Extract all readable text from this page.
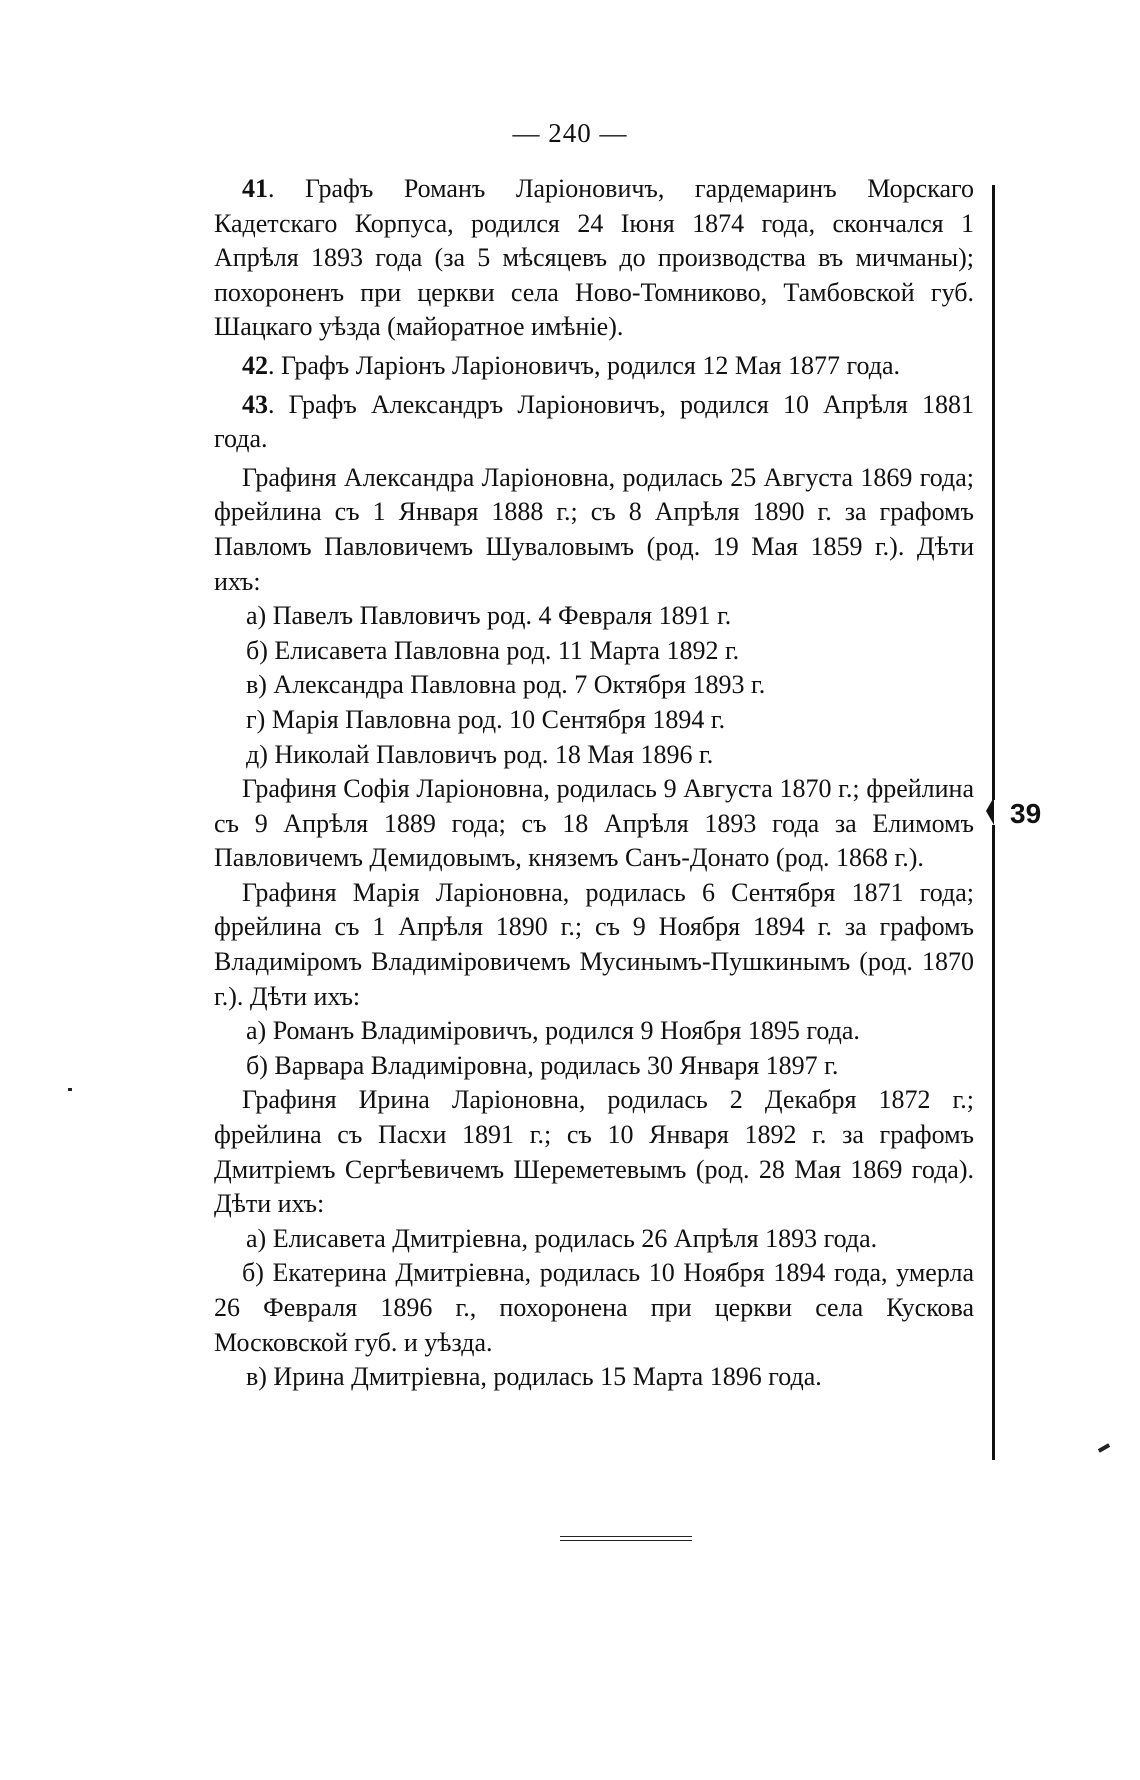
— 240 —

41. Графъ Романъ Ларіоновичъ, гардемаринъ Морскаго Кадетскаго Корпуса, родился 24 Іюня 1874 года, скончался 1 Апрѣля 1893 года (за 5 мѣсяцевъ до производства въ мичманы); похороненъ при церкви села Ново-Томниково, Тамбовской губ. Шацкаго уѣзда (майоратное имѣніе).

42. Графъ Ларіонъ Ларіоновичъ, родился 12 Мая 1877 года.

43. Графъ Александръ Ларіоновичъ, родился 10 Апрѣля 1881 года.

Графиня Александра Ларіоновна, родилась 25 Августа 1869 года; фрейлина съ 1 Января 1888 г.; съ 8 Апрѣля 1890 г. за графомъ Павломъ Павловичемъ Шуваловымъ (род. 19 Мая 1859 г.). Дѣти ихъ:

а) Павелъ Павловичъ род. 4 Февраля 1891 г.

б) Елисавета Павловна род. 11 Марта 1892 г.

в) Александра Павловна род. 7 Октября 1893 г.

г) Марія Павловна род. 10 Сентября 1894 г.

д) Николай Павловичъ род. 18 Мая 1896 г.

Графиня Софія Ларіоновна, родилась 9 Августа 1870 г.; фрейлина съ 9 Апрѣля 1889 года; съ 18 Апрѣля 1893 года за Елимомъ Павловичемъ Демидовымъ, княземъ Санъ-Донато (род. 1868 г.).

Графиня Марія Ларіоновна, родилась 6 Сентября 1871 года; фрейлина съ 1 Апрѣля 1890 г.; съ 9 Ноября 1894 г. за графомъ Владиміромъ Владиміровичемъ Мусинымъ-Пушкинымъ (род. 1870 г.). Дѣти ихъ:

а) Романъ Владиміровичъ, родился 9 Ноября 1895 года.

б) Варвара Владиміровна, родилась 30 Января 1897 г.

Графиня Ирина Ларіоновна, родилась 2 Декабря 1872 г.; фрейлина съ Пасхи 1891 г.; съ 10 Января 1892 г. за графомъ Дмитріемъ Сергѣевичемъ Шереметевымъ (род. 28 Мая 1869 года). Дѣти ихъ:

а) Елисавета Дмитріевна, родилась 26 Апрѣля 1893 года.

б) Екатерина Дмитріевна, родилась 10 Ноября 1894 года, умерла 26 Февраля 1896 г., похоронена при церкви села Кускова Московской губ. и уѣзда.

в) Ирина Дмитріевна, родилась 15 Марта 1896 года.

39
